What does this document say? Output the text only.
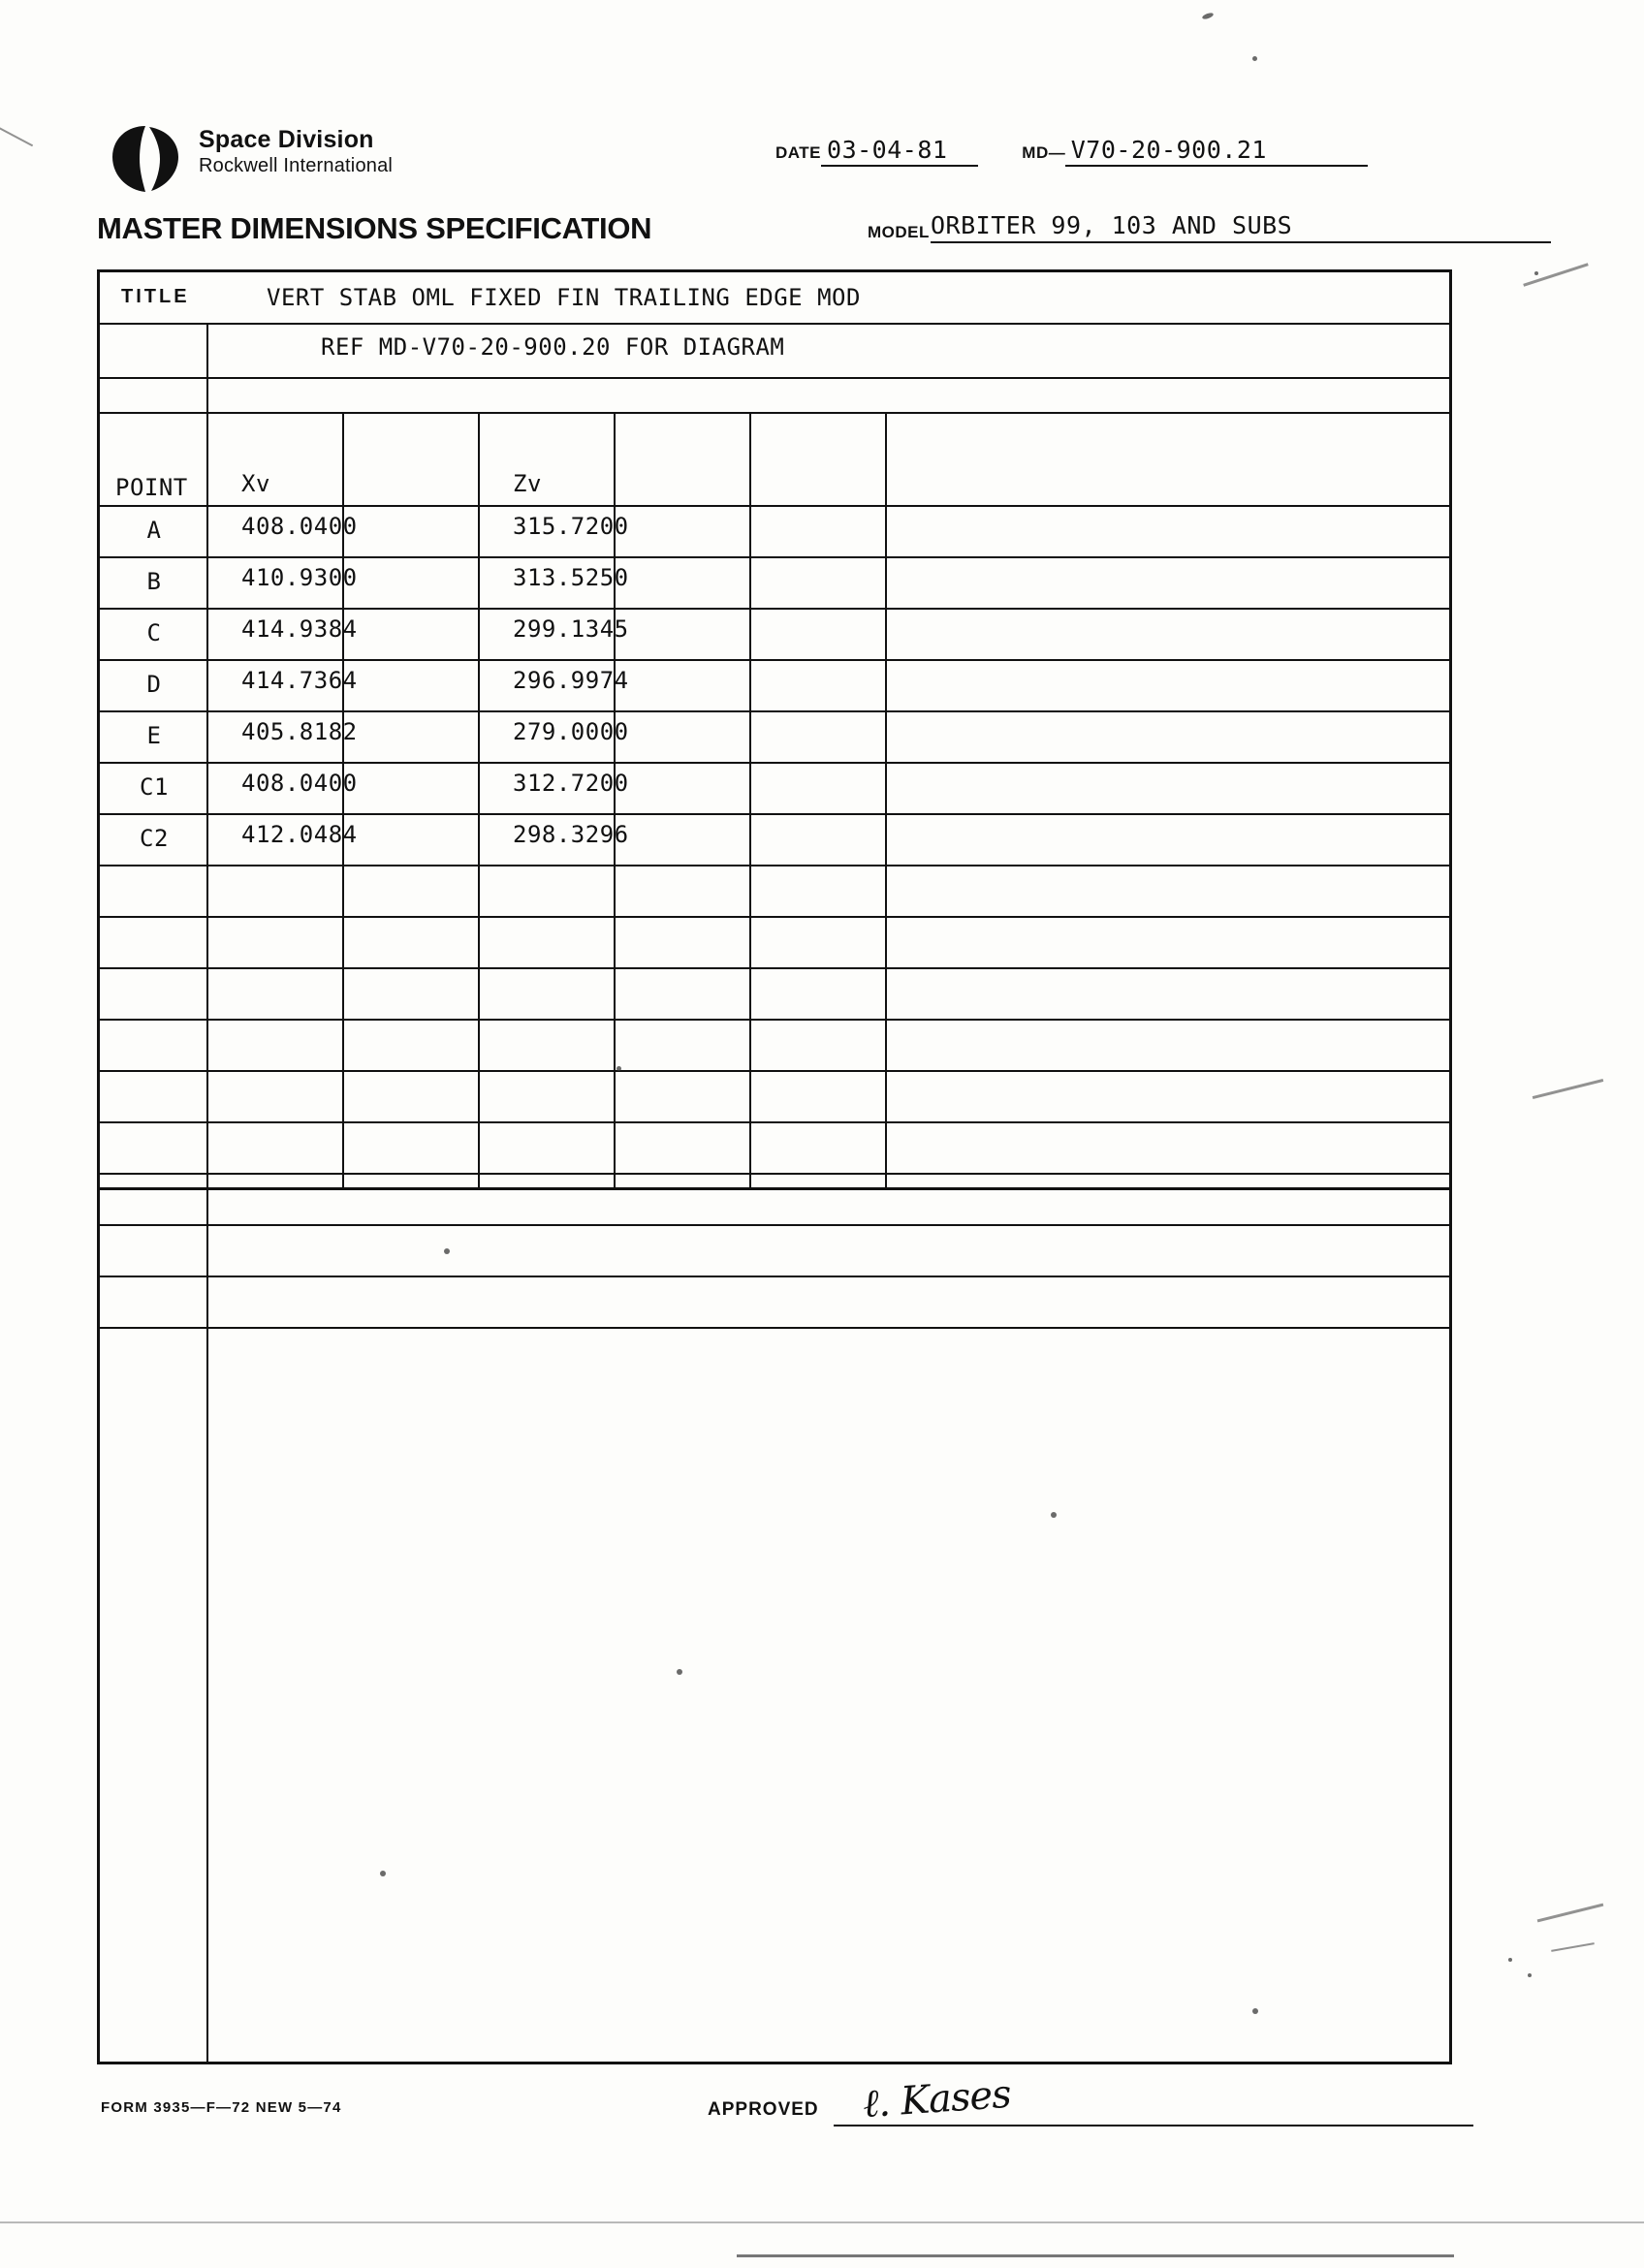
Space Division
Rockwell International
DATE 03-04-81	MD— V70-20-900.21
MASTER DIMENSIONS SPECIFICATION	MODEL ORBITER 99, 103 AND SUBS
TITLE	VERT STAB OML FIXED FIN TRAILING EDGE MOD
REF MD-V70-20-900.20 FOR DIAGRAM
POINT Xv	Zv
A	408.0400	315.7200
B	410.9300	313.5250
C	414.9384	299.1345
D	414.7364	296.9974
E	405.8182	279.0000
C1	408.0400	312.7200
C2	412.0484	298.3296
FORM 3935—F—72 NEW 5—74	APPROVED ℓ. Kases
